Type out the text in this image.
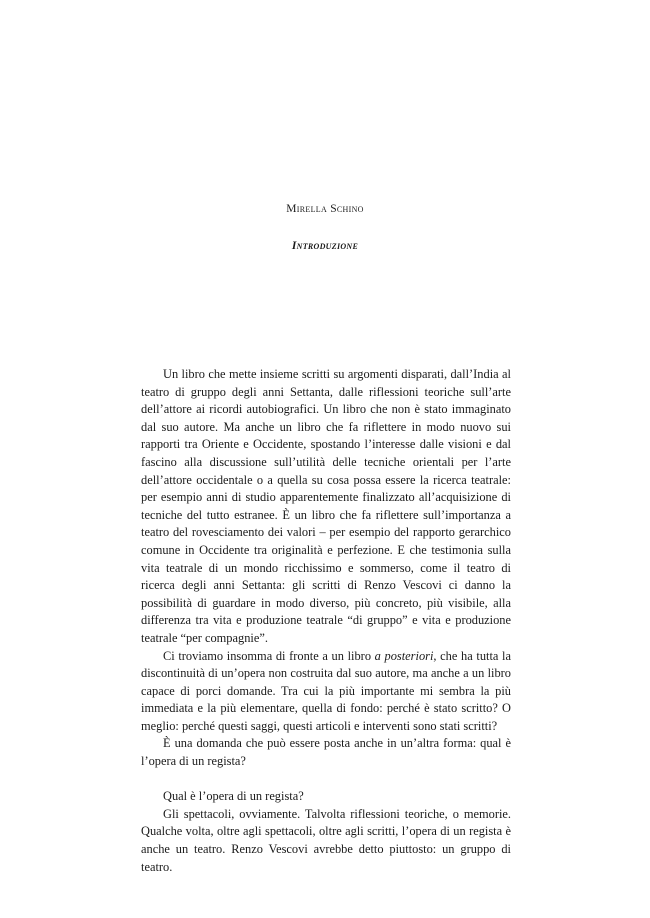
Mirella Schino
Introduzione

Un libro che mette insieme scritti su argomenti disparati, dall’India al teatro di gruppo degli anni Settanta, dalle riflessioni teoriche sull’arte dell’attore ai ricordi autobiografici. Un libro che non è stato immaginato dal suo autore. Ma anche un libro che fa riflettere in modo nuovo sui rapporti tra Oriente e Occidente, spostando l’interesse dalle visioni e dal fascino alla discussione sull’utilità delle tecniche orientali per l’arte dell’attore occidentale o a quella su cosa possa essere la ricerca teatrale: per esempio anni di studio apparentemente finalizzato all’acquisizione di tecniche del tutto estranee. È un libro che fa riflettere sull’importanza a teatro del rovesciamento dei valori – per esempio del rapporto gerarchico comune in Occidente tra originalità e perfezione. E che testimonia sulla vita teatrale di un mondo ricchissimo e sommerso, come il teatro di ricerca degli anni Settanta: gli scritti di Renzo Vescovi ci danno la possibilità di guardare in modo diverso, più concreto, più visibile, alla differenza tra vita e produzione teatrale “di gruppo” e vita e produzione teatrale “per compagnie”.

Ci troviamo insomma di fronte a un libro a posteriori, che ha tutta la discontinuità di un’opera non costruita dal suo autore, ma anche a un libro capace di porci domande. Tra cui la più importante mi sembra la più immediata e la più elementare, quella di fondo: perché è stato scritto? O meglio: perché questi saggi, questi articoli e interventi sono stati scritti?

È una domanda che può essere posta anche in un’altra forma: qual è l’opera di un regista?

Qual è l’opera di un regista?

Gli spettacoli, ovviamente. Talvolta riflessioni teoriche, o memorie. Qualche volta, oltre agli spettacoli, oltre agli scritti, l’opera di un regista è anche un teatro. Renzo Vescovi avrebbe detto piuttosto: un gruppo di teatro.
